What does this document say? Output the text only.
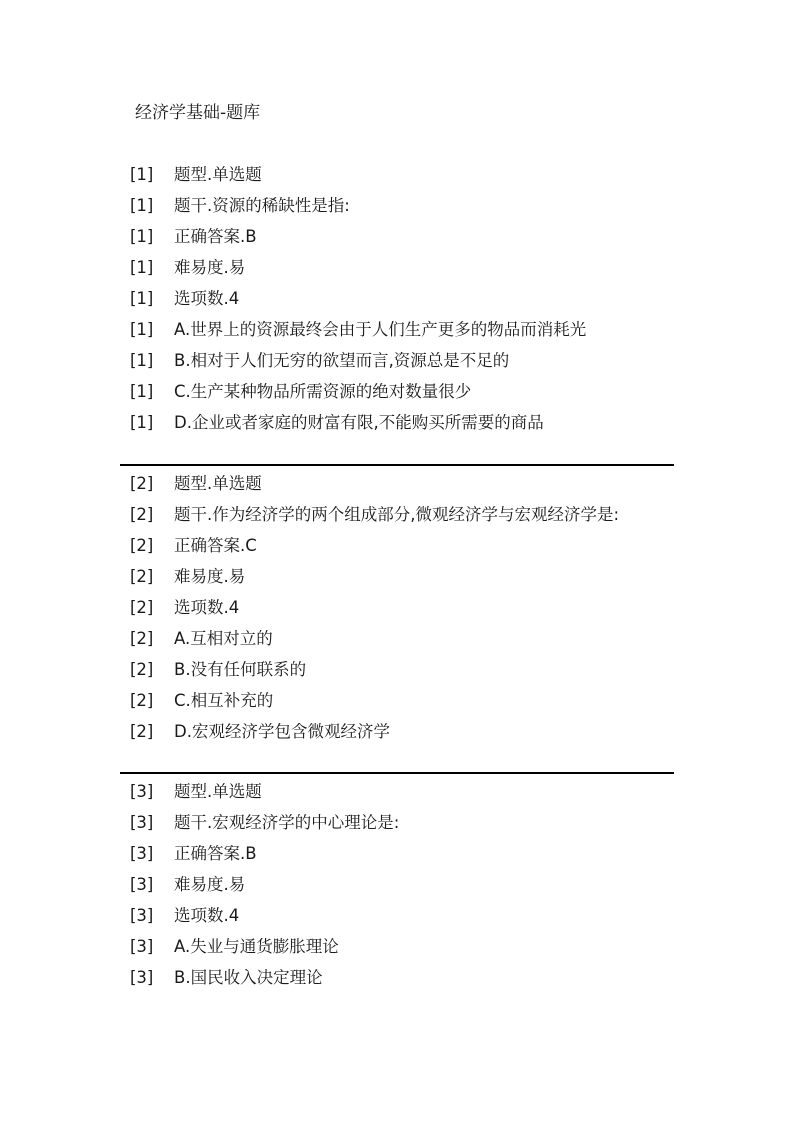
经济学基础-题库
[1]	题型.单选题
[1]	题干.资源的稀缺性是指:
[1]	正确答案.B
[1]	难易度.易
[1]	选项数.4
[1]	A.世界上的资源最终会由于人们生产更多的物品而消耗光
[1]	B.相对于人们无穷的欲望而言,资源总是不足的
[1]	C.生产某种物品所需资源的绝对数量很少
[1]	D.企业或者家庭的财富有限,不能购买所需要的商品
[2]	题型.单选题
[2]	题干.作为经济学的两个组成部分,微观经济学与宏观经济学是:
[2]	正确答案.C
[2]	难易度.易
[2]	选项数.4
[2]	A.互相对立的
[2]	B.没有任何联系的
[2]	C.相互补充的
[2]	D.宏观经济学包含微观经济学
[3]	题型.单选题
[3]	题干.宏观经济学的中心理论是:
[3]	正确答案.B
[3]	难易度.易
[3]	选项数.4
[3]	A.失业与通货膨胀理论
[3]	B.国民收入决定理论
